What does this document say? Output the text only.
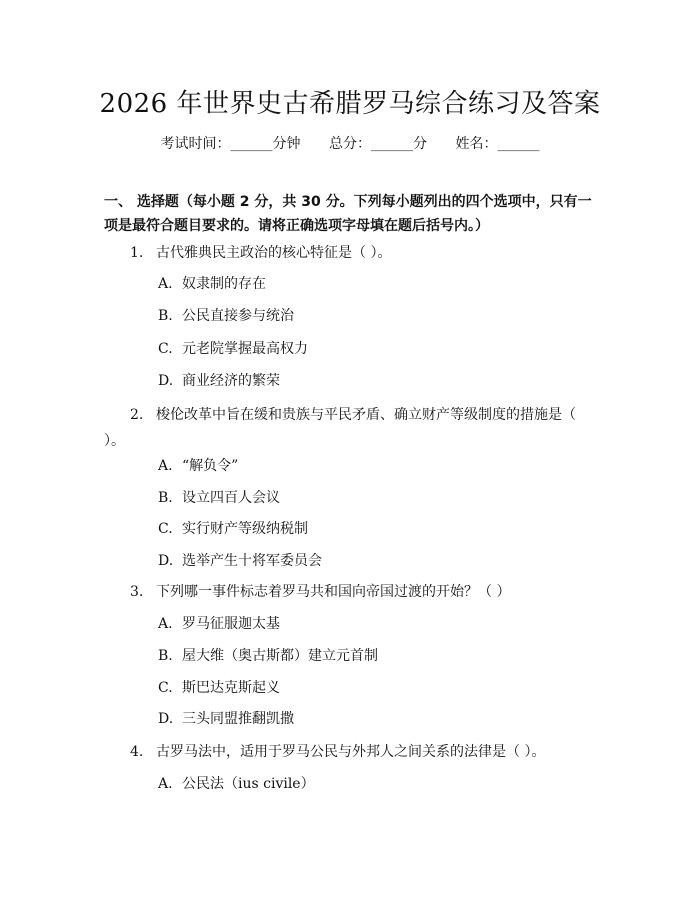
2026 年世界史古希腊罗马综合练习及答案
考试时间：______分钟 总分：______分 姓名：______
一、 选择题（每小题 2 分，共 30 分。下列每小题列出的四个选项中，只有一项是最符合题目要求的。请将正确选项字母填在题后括号内。）
1. 古代雅典民主政治的核心特征是（ ）。
A. 奴隶制的存在
B. 公民直接参与统治
C. 元老院掌握最高权力
D. 商业经济的繁荣
2. 梭伦改革中旨在缓和贵族与平民矛盾、确立财产等级制度的措施是（ ）。
A. “解负令”
B. 设立四百人会议
C. 实行财产等级纳税制
D. 选举产生十将军委员会
3. 下列哪一事件标志着罗马共和国向帝国过渡的开始？（ ）
A. 罗马征服迦太基
B. 屋大维（奥古斯都）建立元首制
C. 斯巴达克斯起义
D. 三头同盟推翻凯撒
4. 古罗马法中，适用于罗马公民与外邦人之间关系的法律是（ ）。
A. 公民法（ius civile）
